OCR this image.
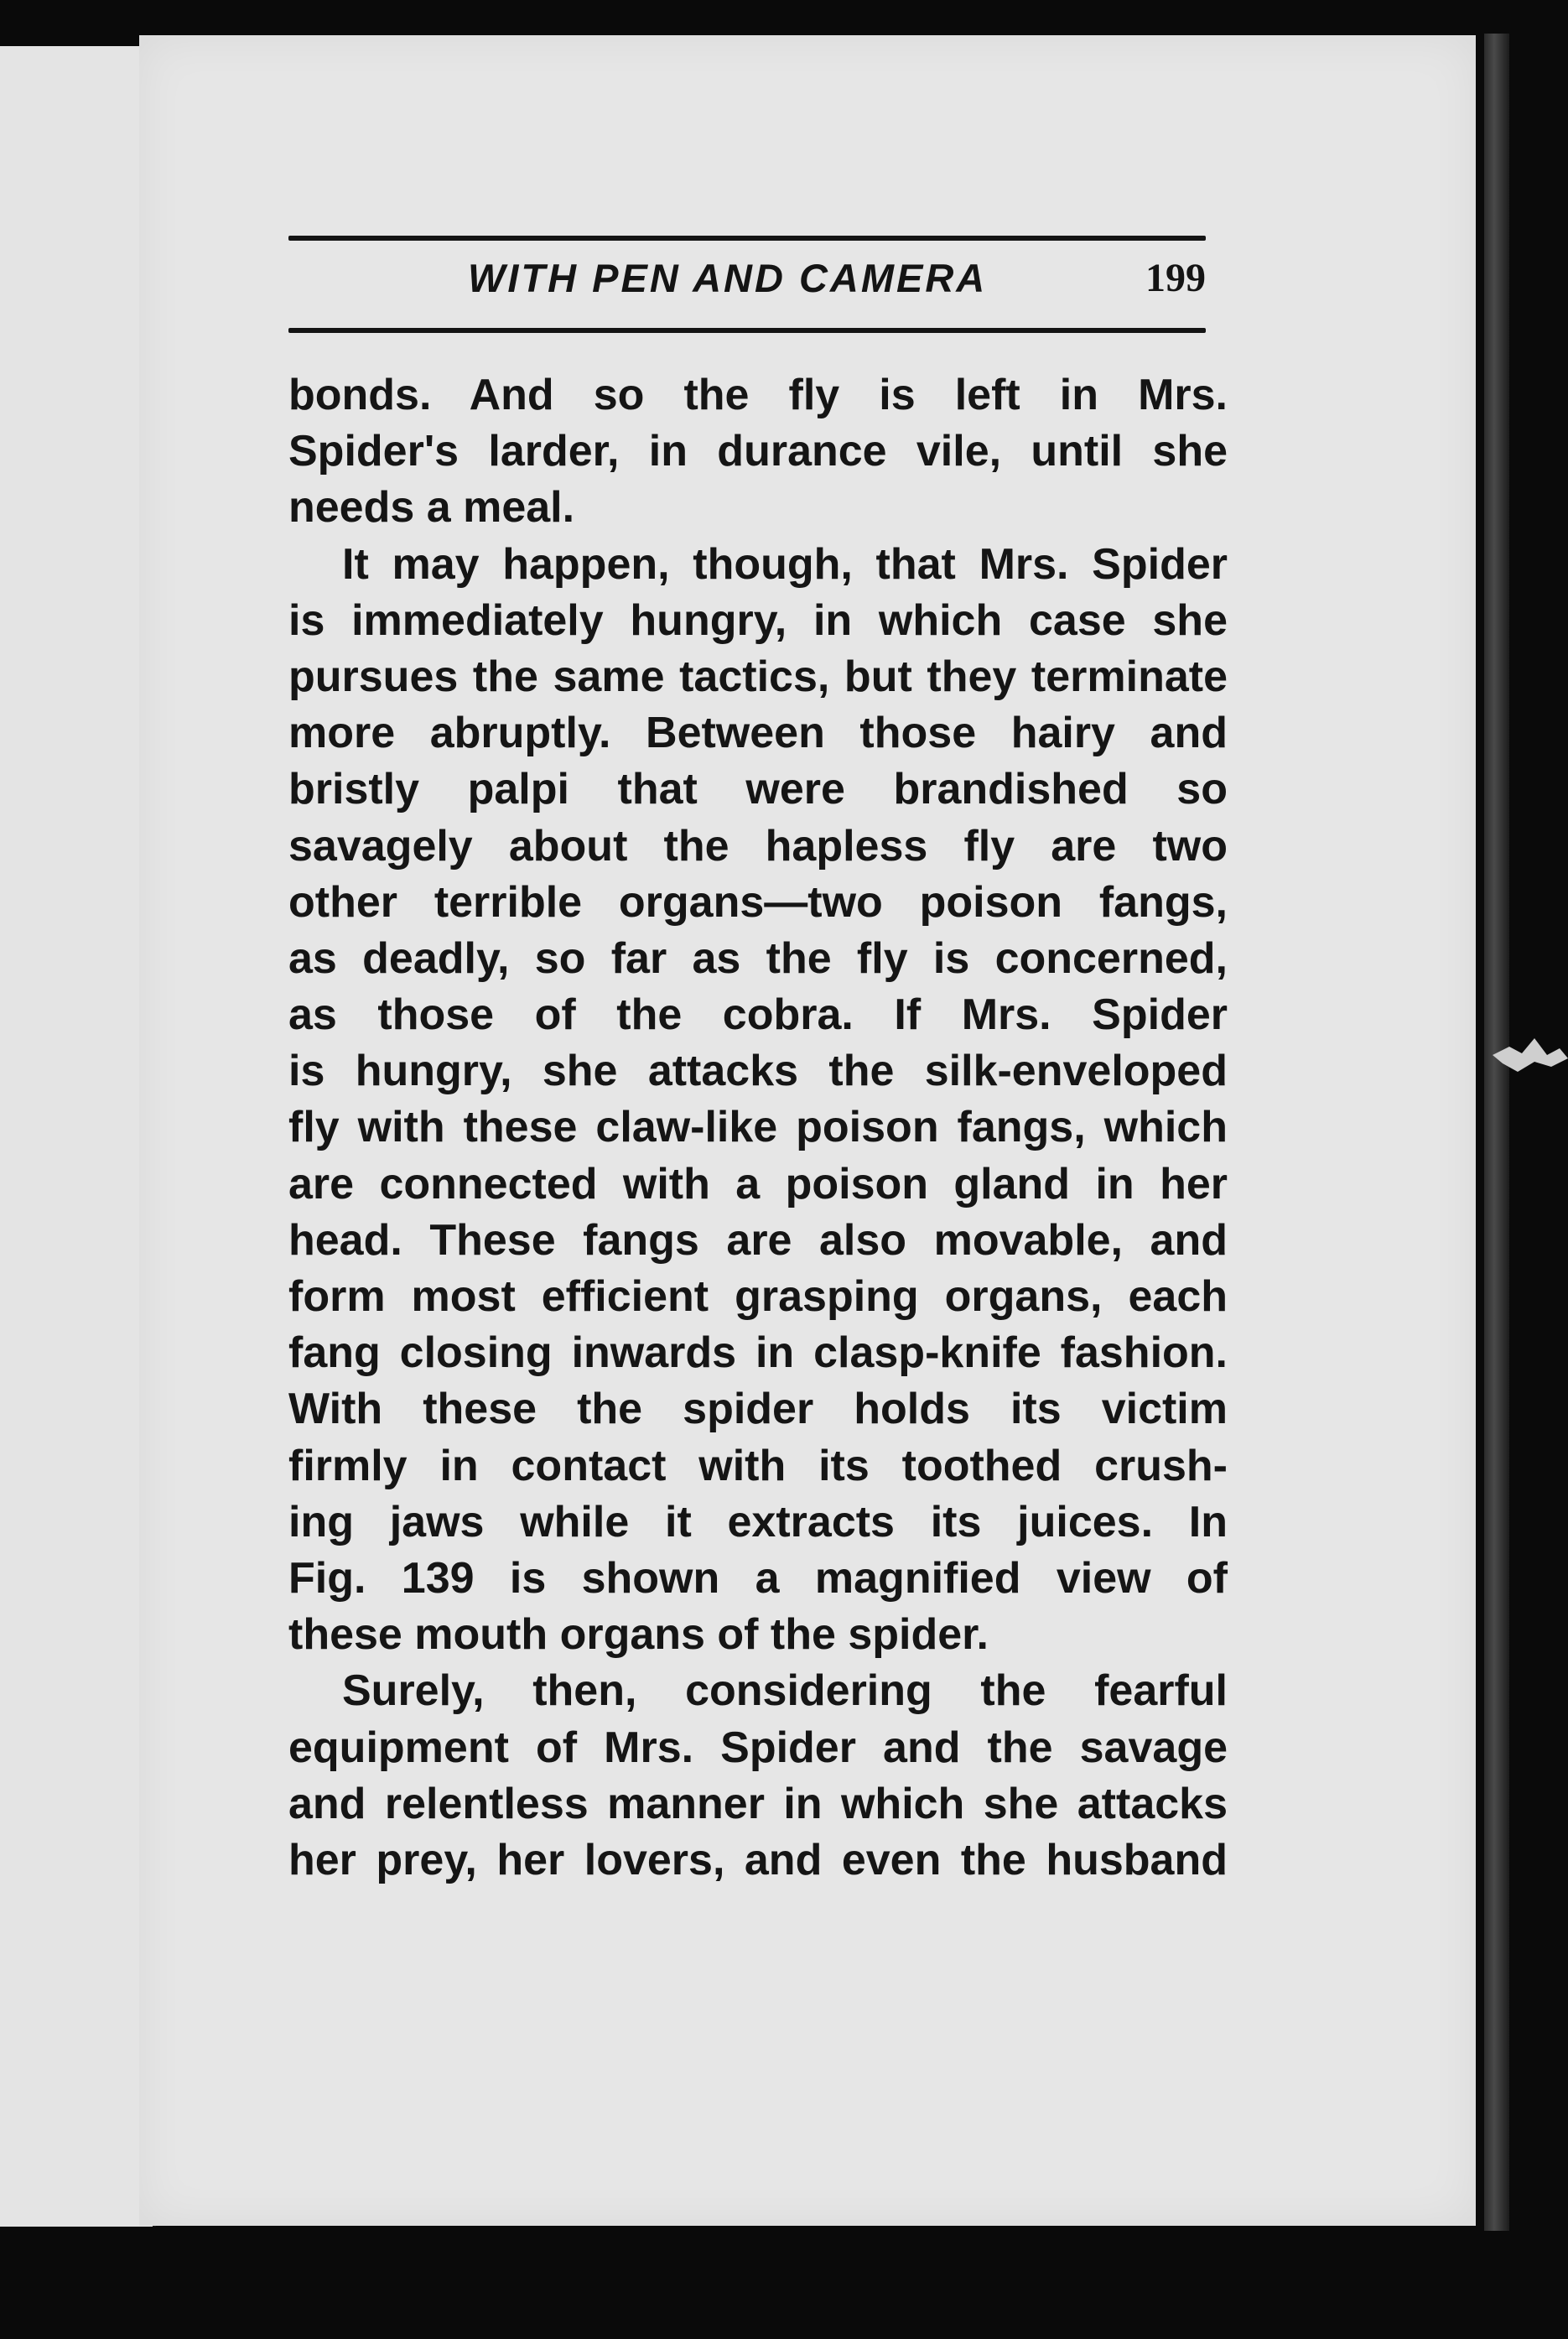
WITH PEN AND CAMERA	199
bonds. And so the fly is left in Mrs.
Spider's larder, in durance vile, until she
needs a meal.
It may happen, though, that Mrs. Spider
is immediately hungry, in which case she
pursues the same tactics, but they terminate
more abruptly. Between those hairy and
bristly palpi that were brandished so
savagely about the hapless fly are two
other terrible organs—two poison fangs,
as deadly, so far as the fly is concerned,
as those of the cobra. If Mrs. Spider
is hungry, she attacks the silk-enveloped
fly with these claw-like poison fangs, which
are connected with a poison gland in her
head. These fangs are also movable, and
form most efficient grasping organs, each
fang closing inwards in clasp-knife fashion.
With these the spider holds its victim
firmly in contact with its toothed crush-
ing jaws while it extracts its juices. In
Fig. 139 is shown a magnified view of
these mouth organs of the spider.
Surely, then, considering the fearful
equipment of Mrs. Spider and the savage
and relentless manner in which she attacks
her prey, her lovers, and even the husband
